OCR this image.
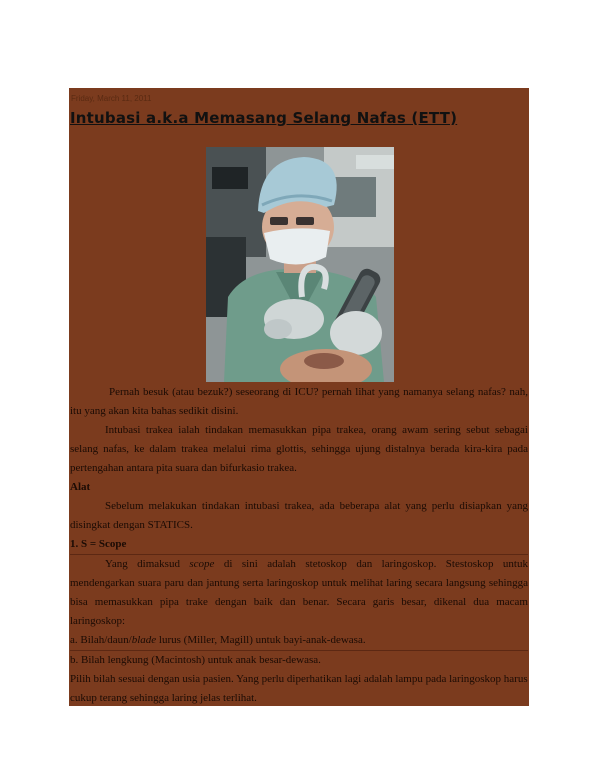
Friday, March 11, 2011
Intubasi a.k.a Memasang Selang Nafas (ETT)

Pernah besuk (atau bezuk?) seseorang di ICU? pernah lihat yang namanya selang nafas? nah, itu yang akan kita bahas sedikit disini.

Intubasi trakea ialah tindakan memasukkan pipa trakea, orang awam sering sebut sebagai selang nafas, ke dalam trakea melalui rima glottis, sehingga ujung distalnya berada kira-kira pada pertengahan antara pita suara dan bifurkasio trakea.

Alat

Sebelum melakukan tindakan intubasi trakea, ada beberapa alat yang perlu disiapkan yang disingkat dengan STATICS.

1. S = Scope

Yang dimaksud scope di sini adalah stetoskop dan laringoskop. Stestoskop untuk mendengarkan suara paru dan jantung serta laringoskop untuk melihat laring secara langsung sehingga bisa memasukkan pipa trake dengan baik dan benar. Secara garis besar, dikenal dua macam laringoskop:

a. Bilah/daun/blade lurus (Miller, Magill) untuk bayi-anak-dewasa.

b. Bilah lengkung (Macintosh) untuk anak besar-dewasa.

Pilih bilah sesuai dengan usia pasien. Yang perlu diperhatikan lagi adalah lampu pada laringoskop harus cukup terang sehingga laring jelas terlihat.
